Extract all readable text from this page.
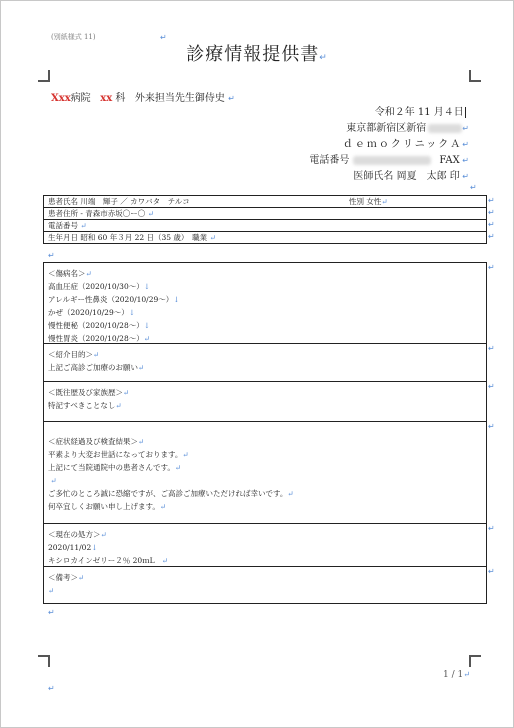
(別紙様式 11)	↵
診療情報提供書↵
Xxx病院 xx 科 外来担当先生御侍史 ↵
令和２年 11 月４日
東京都新宿区新宿	↵
ｄｅｍｏクリニックＡ↵
電話番号	FAX ↵
医師氏名 岡夏　太郎 印 ↵
↵
患者氏名 川端　輝子 ／ カワバタ　テルコ	性別 女性↵
患者住所 - 青森市赤坂〇ー〇 ↵
電話番号 ↵
生年月日 昭和 60 年３月 22 日（35 歳）　職業 ↵
↵
↵
↵
↵
↵
＜傷病名＞↵
高血圧症（2020/10/30～）↓
アレルギー性鼻炎（2020/10/29～）↓
かぜ（2020/10/29～）↓
慢性便秘（2020/10/28～）↓
慢性胃炎（2020/10/28～）↵
＜紹介目的＞↵
上記ご高診ご加療のお願い↵
＜既往歴及び家族歴＞↵
特記すべきことなし↵
＜症状経過及び検査結果＞↵
平素より大変お世話になっております。↵
上記にて当院通院中の患者さんです。↵
↵
ご多忙のところ誠に恐縮ですが、ご高診ご加療いただければ幸いです。↵
何卒宜しくお願い申し上げます。↵
＜現在の処方＞↵
2020/11/02↓
キシロカインゼリー２％ 20ｍL   ↵
＜備考＞↵
↵
↵
↵
↵
↵
↵
↵
↵
1 / 1↵
↵
